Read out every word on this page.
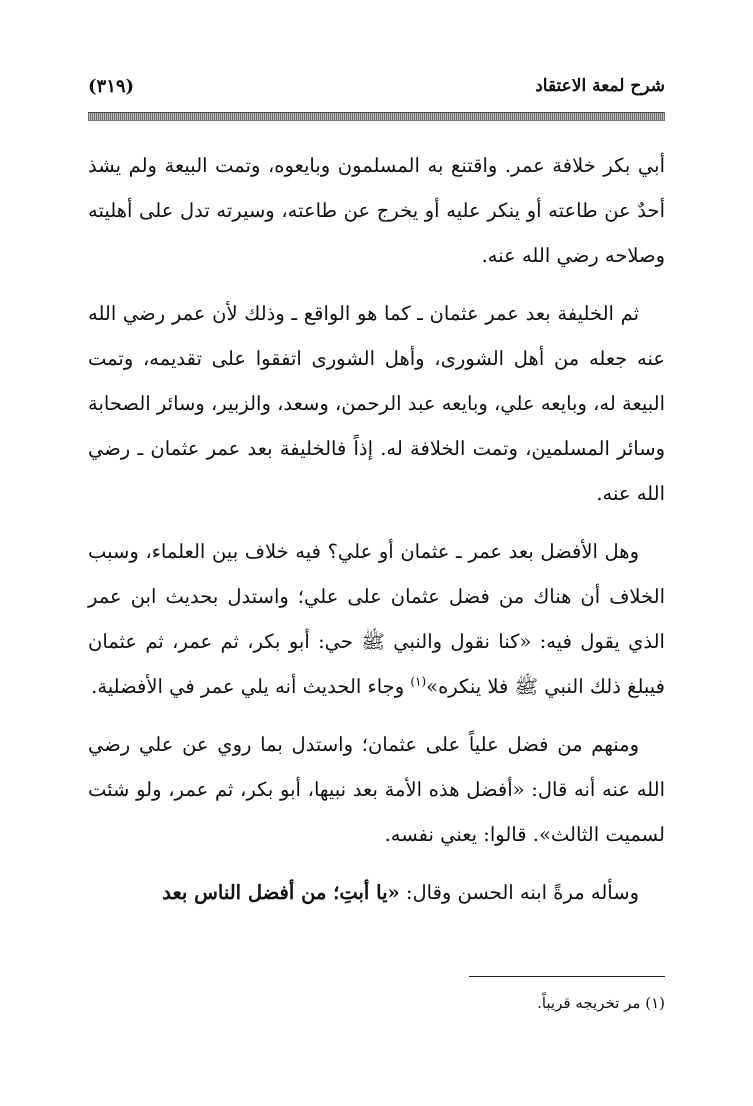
شرح لمعة الاعتقاد
(٣١٩)

أبي بكر خلافة عمر. واقتنع به المسلمون وبايعوه، وتمت البيعة ولم يشذ أحدٌ عن طاعته أو ينكر عليه أو يخرج عن طاعته، وسيرته تدل على أهليته وصلاحه رضي الله عنه.

ثم الخليفة بعد عمر عثمان ـ كما هو الواقع ـ وذلك لأن عمر رضي الله عنه جعله من أهل الشورى، وأهل الشورى اتفقوا على تقديمه، وتمت البيعة له، وبايعه علي، وبايعه عبد الرحمن، وسعد، والزبير، وسائر الصحابة وسائر المسلمين، وتمت الخلافة له. إذاً فالخليفة بعد عمر عثمان ـ رضي الله عنه.

وهل الأفضل بعد عمر ـ عثمان أو علي؟ فيه خلاف بين العلماء، وسبب الخلاف أن هناك من فضل عثمان على علي؛ واستدل بحديث ابن عمر الذي يقول فيه: «كنا نقول والنبي ﷺ حي: أبو بكر، ثم عمر، ثم عثمان فيبلغ ذلك النبي ﷺ فلا ينكره»$^{(١)}$ وجاء الحديث أنه يلي عمر في الأفضلية.

ومنهم من فضل علياً على عثمان؛ واستدل بما روي عن علي رضي الله عنه أنه قال: «أفضل هذه الأمة بعد نبيها، أبو بكر، ثم عمر، ولو شئت لسميت الثالث». قالوا: يعني نفسه.

وسأله مرةً ابنه الحسن وقال: «يا أبتِ؛ من أفضل الناس بعد

(١) مر تخريجه قريباً.
